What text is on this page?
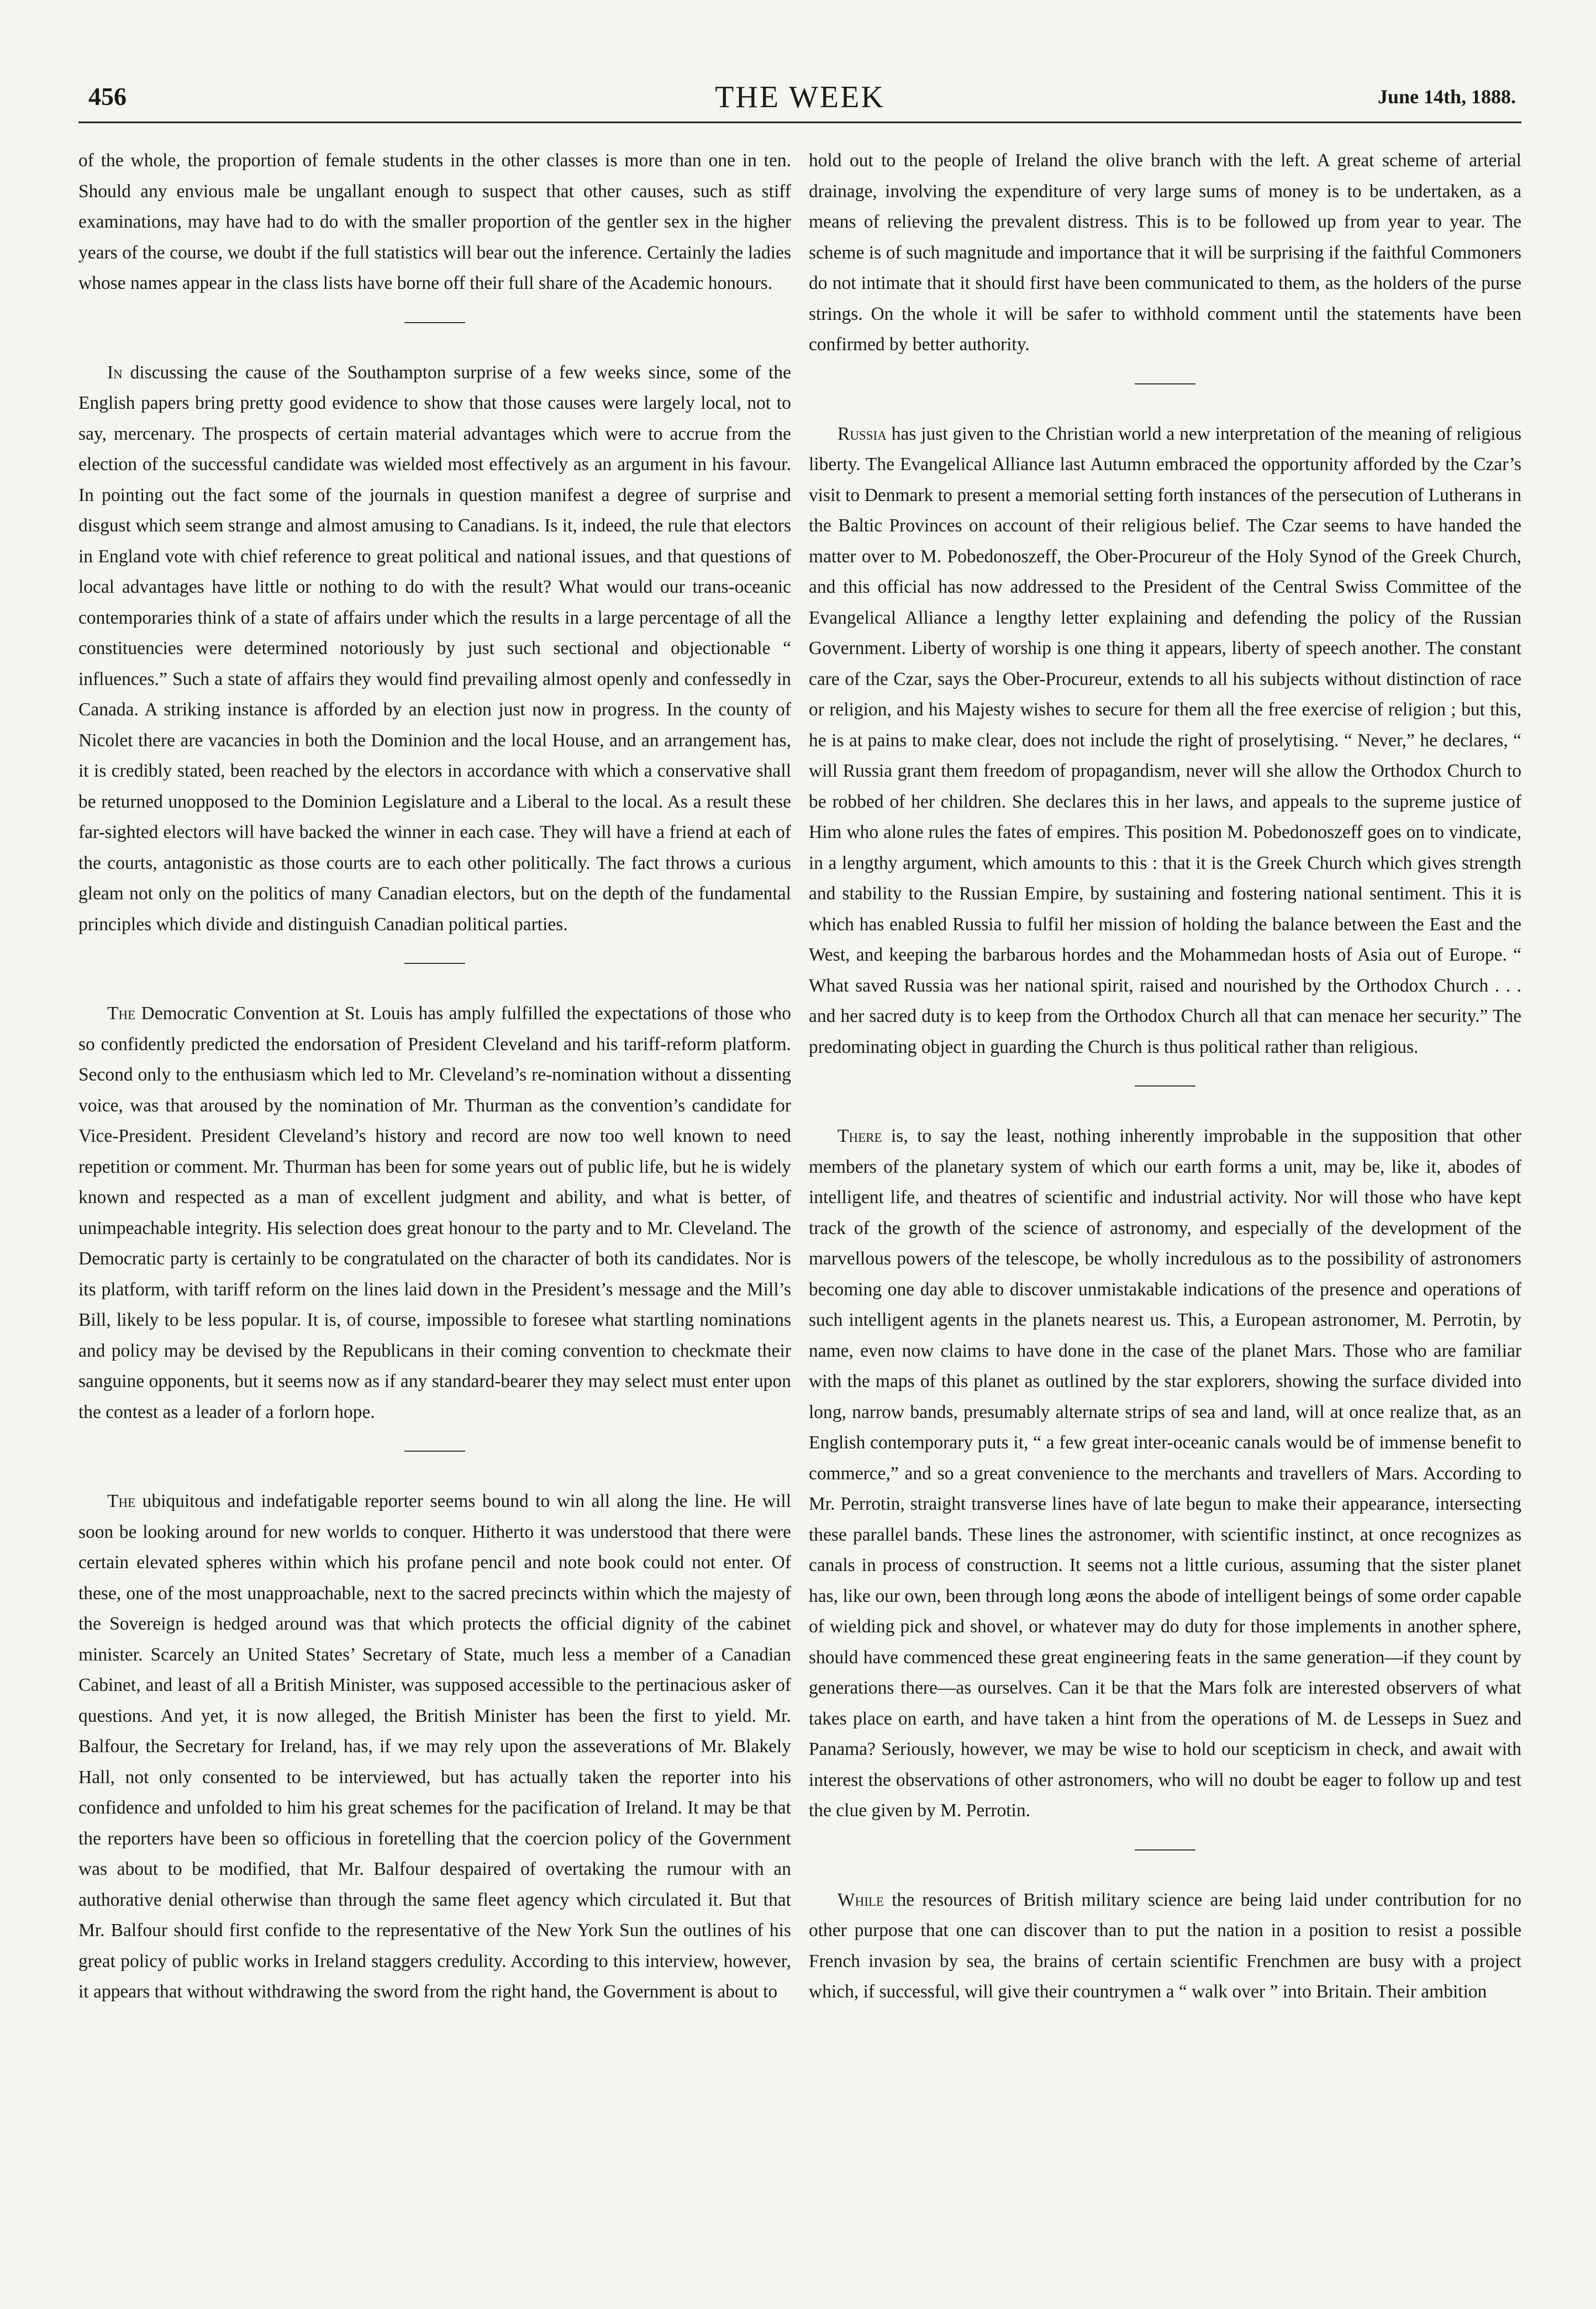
456	THE WEEK	June 14th, 1888.

of the whole, the proportion of female students in the other classes is more than one in ten. Should any envious male be ungallant enough to suspect that other causes, such as stiff examinations, may have had to do with the smaller proportion of the gentler sex in the higher years of the course, we doubt if the full statistics will bear out the inference. Certainly the ladies whose names appear in the class lists have borne off their full share of the Academic honours.

In discussing the cause of the Southampton surprise of a few weeks since, some of the English papers bring pretty good evidence to show that those causes were largely local, not to say, mercenary. The prospects of certain material advantages which were to accrue from the election of the successful candidate was wielded most effectively as an argument in his favour. In pointing out the fact some of the journals in question manifest a degree of surprise and disgust which seem strange and almost amusing to Canadians. Is it, indeed, the rule that electors in England vote with chief reference to great political and national issues, and that questions of local advantages have little or nothing to do with the result? What would our trans-oceanic contemporaries think of a state of affairs under which the results in a large percentage of all the constituencies were determined notoriously by just such sectional and objectionable “ influences.” Such a state of affairs they would find prevailing almost openly and confessedly in Canada. A striking instance is afforded by an election just now in progress. In the county of Nicolet there are vacancies in both the Dominion and the local House, and an arrangement has, it is credibly stated, been reached by the electors in accordance with which a conservative shall be returned unopposed to the Dominion Legislature and a Liberal to the local. As a result these far-sighted electors will have backed the winner in each case. They will have a friend at each of the courts, antagonistic as those courts are to each other politically. The fact throws a curious gleam not only on the politics of many Canadian electors, but on the depth of the fundamental principles which divide and distinguish Canadian political parties.

The Democratic Convention at St. Louis has amply fulfilled the expectations of those who so confidently predicted the endorsation of President Cleveland and his tariff-reform platform. Second only to the enthusiasm which led to Mr. Cleveland’s re-nomination without a dissenting voice, was that aroused by the nomination of Mr. Thurman as the convention’s candidate for Vice-President. President Cleveland’s history and record are now too well known to need repetition or comment. Mr. Thurman has been for some years out of public life, but he is widely known and respected as a man of excellent judgment and ability, and what is better, of unimpeachable integrity. His selection does great honour to the party and to Mr. Cleveland. The Democratic party is certainly to be congratulated on the character of both its candidates. Nor is its platform, with tariff reform on the lines laid down in the President’s message and the Mill’s Bill, likely to be less popular. It is, of course, impossible to foresee what startling nominations and policy may be devised by the Republicans in their coming convention to checkmate their sanguine opponents, but it seems now as if any standard-bearer they may select must enter upon the contest as a leader of a forlorn hope.

The ubiquitous and indefatigable reporter seems bound to win all along the line. He will soon be looking around for new worlds to conquer. Hitherto it was understood that there were certain elevated spheres within which his profane pencil and note book could not enter. Of these, one of the most unapproachable, next to the sacred precincts within which the majesty of the Sovereign is hedged around was that which protects the official dignity of the cabinet minister. Scarcely an United States’ Secretary of State, much less a member of a Canadian Cabinet, and least of all a British Minister, was supposed accessible to the pertinacious asker of questions. And yet, it is now alleged, the British Minister has been the first to yield. Mr. Balfour, the Secretary for Ireland, has, if we may rely upon the asseverations of Mr. Blakely Hall, not only consented to be interviewed, but has actually taken the reporter into his confidence and unfolded to him his great schemes for the pacification of Ireland. It may be that the reporters have been so officious in foretelling that the coercion policy of the Government was about to be modified, that Mr. Balfour despaired of overtaking the rumour with an authorative denial otherwise than through the same fleet agency which circulated it. But that Mr. Balfour should first confide to the representative of the New York Sun the outlines of his great policy of public works in Ireland staggers credulity. According to this interview, however, it appears that without withdrawing the sword from the right hand, the Government is about to

hold out to the people of Ireland the olive branch with the left. A great scheme of arterial drainage, involving the expenditure of very large sums of money is to be undertaken, as a means of relieving the prevalent distress. This is to be followed up from year to year. The scheme is of such magnitude and importance that it will be surprising if the faithful Commoners do not intimate that it should first have been communicated to them, as the holders of the purse strings. On the whole it will be safer to withhold comment until the statements have been confirmed by better authority.

Russia has just given to the Christian world a new interpretation of the meaning of religious liberty. The Evangelical Alliance last Autumn embraced the opportunity afforded by the Czar’s visit to Denmark to present a memorial setting forth instances of the persecution of Lutherans in the Baltic Provinces on account of their religious belief. The Czar seems to have handed the matter over to M. Pobedonoszeff, the Ober-Procureur of the Holy Synod of the Greek Church, and this official has now addressed to the President of the Central Swiss Committee of the Evangelical Alliance a lengthy letter explaining and defending the policy of the Russian Government. Liberty of worship is one thing it appears, liberty of speech another. The constant care of the Czar, says the Ober-Procureur, extends to all his subjects without distinction of race or religion, and his Majesty wishes to secure for them all the free exercise of religion ; but this, he is at pains to make clear, does not include the right of proselytising. “ Never,” he declares, “ will Russia grant them freedom of propagandism, never will she allow the Orthodox Church to be robbed of her children. She declares this in her laws, and appeals to the supreme justice of Him who alone rules the fates of empires. This position M. Pobedonoszeff goes on to vindicate, in a lengthy argument, which amounts to this : that it is the Greek Church which gives strength and stability to the Russian Empire, by sustaining and fostering national sentiment. This it is which has enabled Russia to fulfil her mission of holding the balance between the East and the West, and keeping the barbarous hordes and the Mohammedan hosts of Asia out of Europe. “ What saved Russia was her national spirit, raised and nourished by the Orthodox Church . . . and her sacred duty is to keep from the Orthodox Church all that can menace her security.” The predominating object in guarding the Church is thus political rather than religious.

There is, to say the least, nothing inherently improbable in the supposition that other members of the planetary system of which our earth forms a unit, may be, like it, abodes of intelligent life, and theatres of scientific and industrial activity. Nor will those who have kept track of the growth of the science of astronomy, and especially of the development of the marvellous powers of the telescope, be wholly incredulous as to the possibility of astronomers becoming one day able to discover unmistakable indications of the presence and operations of such intelligent agents in the planets nearest us. This, a European astronomer, M. Perrotin, by name, even now claims to have done in the case of the planet Mars. Those who are familiar with the maps of this planet as outlined by the star explorers, showing the surface divided into long, narrow bands, presumably alternate strips of sea and land, will at once realize that, as an English contemporary puts it, “ a few great inter-oceanic canals would be of immense benefit to commerce,” and so a great convenience to the merchants and travellers of Mars. According to Mr. Perrotin, straight transverse lines have of late begun to make their appearance, intersecting these parallel bands. These lines the astronomer, with scientific instinct, at once recognizes as canals in process of construction. It seems not a little curious, assuming that the sister planet has, like our own, been through long æons the abode of intelligent beings of some order capable of wielding pick and shovel, or whatever may do duty for those implements in another sphere, should have commenced these great engineering feats in the same generation—if they count by generations there—as ourselves. Can it be that the Mars folk are interested observers of what takes place on earth, and have taken a hint from the operations of M. de Lesseps in Suez and Panama? Seriously, however, we may be wise to hold our scepticism in check, and await with interest the observations of other astronomers, who will no doubt be eager to follow up and test the clue given by M. Perrotin.

While the resources of British military science are being laid under contribution for no other purpose that one can discover than to put the nation in a position to resist a possible French invasion by sea, the brains of certain scientific Frenchmen are busy with a project which, if successful, will give their countrymen a “ walk over ” into Britain. Their ambition
